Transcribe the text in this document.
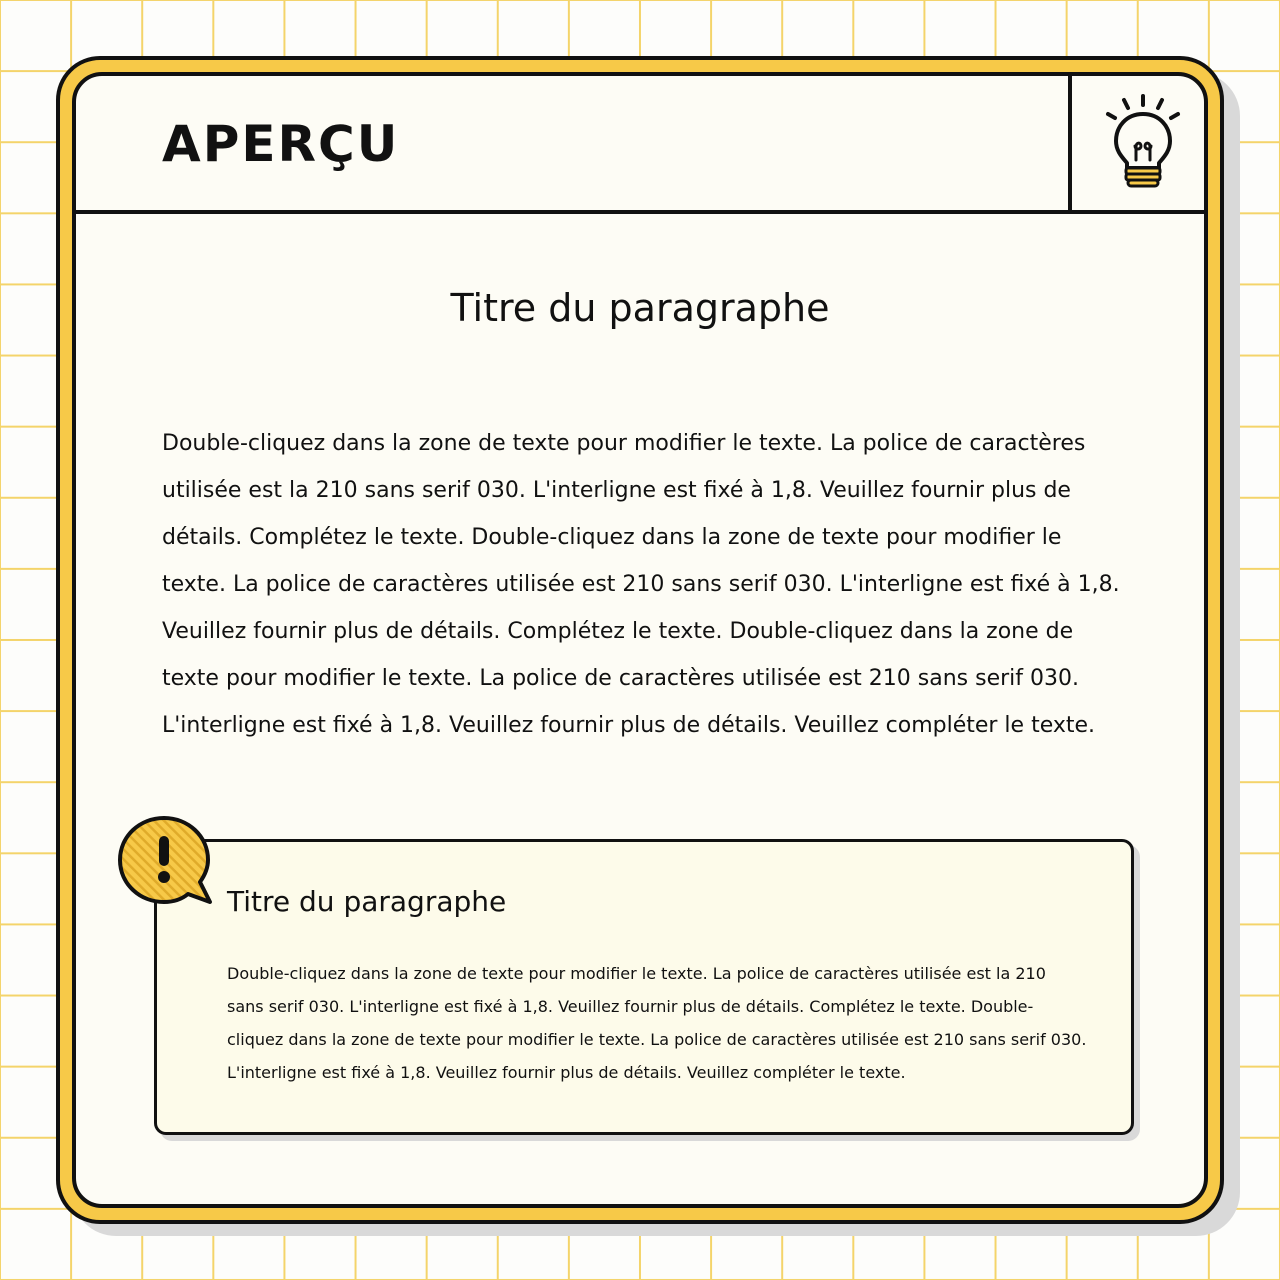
APERÇU
Titre du paragraphe

Double-cliquez dans la zone de texte pour modifier le texte. La police de caractères utilisée est la 210 sans serif 030. L'interligne est fixé à 1,8. Veuillez fournir plus de détails. Complétez le texte. Double-cliquez dans la zone de texte pour modifier le texte. La police de caractères utilisée est 210 sans serif 030. L'interligne est fixé à 1,8. Veuillez fournir plus de détails. Complétez le texte. Double-cliquez dans la zone de texte pour modifier le texte. La police de caractères utilisée est 210 sans serif 030. L'interligne est fixé à 1,8. Veuillez fournir plus de détails. Veuillez compléter le texte.

Titre du paragraphe

Double-cliquez dans la zone de texte pour modifier le texte. La police de caractères utilisée est la 210 sans serif 030. L'interligne est fixé à 1,8. Veuillez fournir plus de détails. Complétez le texte. Double-cliquez dans la zone de texte pour modifier le texte. La police de caractères utilisée est 210 sans serif 030. L'interligne est fixé à 1,8. Veuillez fournir plus de détails. Veuillez compléter le texte.
